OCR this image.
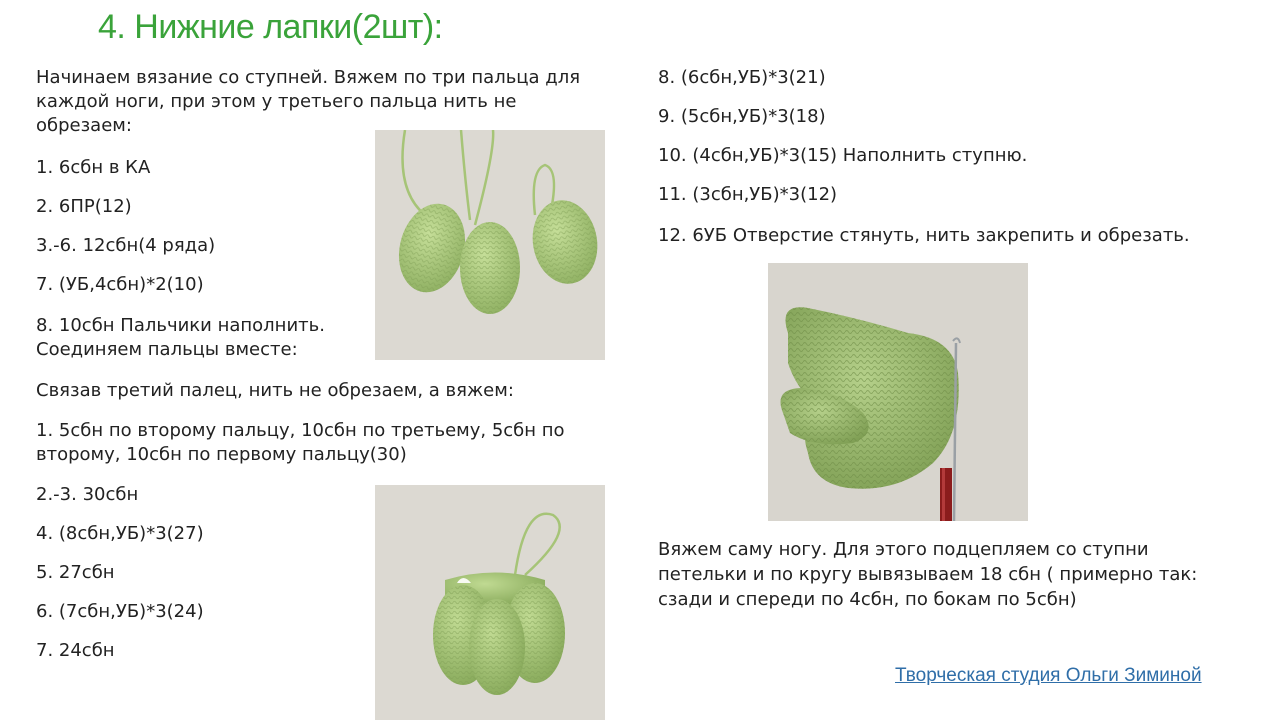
4. Нижние лапки(2шт):

Начинаем вязание со ступней. Вяжем по три пальца для

каждой ноги, при этом у третьего пальца нить не

обрезаем:

1. 6сбн в КА

2. 6ПР(12)

3.-6. 12сбн(4 ряда)

7. (УБ,4сбн)*2(10)

8. 10сбн Пальчики наполнить.

Соединяем пальцы вместе:

Связав третий палец, нить не обрезаем, а вяжем:

1. 5сбн по второму пальцу, 10сбн по третьему, 5сбн по

второму, 10сбн по первому пальцу(30)

2.-3. 30сбн

4. (8сбн,УБ)*3(27)

5. 27сбн

6. (7сбн,УБ)*3(24)

7. 24сбн

8. (6сбн,УБ)*3(21)

9. (5сбн,УБ)*3(18)

10. (4сбн,УБ)*3(15) Наполнить ступню.

11. (3сбн,УБ)*3(12)

12. 6УБ Отверстие стянуть, нить закрепить и обрезать.

Вяжем саму ногу. Для этого подцепляем со ступни

петельки и по кругу вывязываем 18 сбн ( примерно так:

сзади и спереди по 4сбн, по бокам по 5сбн)

Творческая студия Ольги Зиминой
